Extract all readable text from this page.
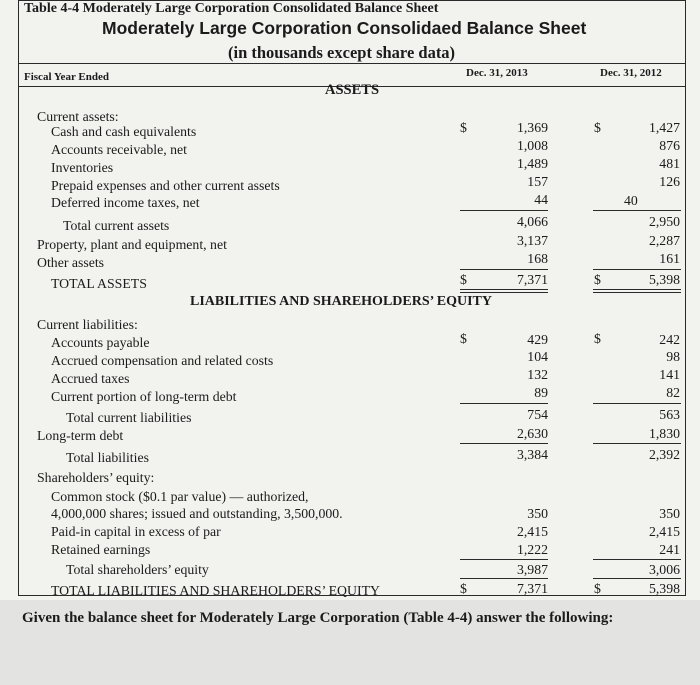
Table 4-4 Moderately Large Corporation Consolidated Balance Sheet
Moderately Large Corporation Consolidaed Balance Sheet
(in thousands except share data)
Fiscal Year Ended	Dec. 31, 2013	Dec. 31, 2012
ASSETS
Current assets:
Cash and cash equivalents	$	1,369	$	1,427
Accounts receivable, net	1,008	876
Inventories	1,489	481
Prepaid expenses and other current assets	157	126
Deferred income taxes, net	44	40
Total current assets	4,066	2,950
Property, plant and equipment, net	3,137	2,287
Other assets	168	161
TOTAL ASSETS	$	7,371	$	5,398
LIABILITIES AND SHAREHOLDERS’ EQUITY
Current liabilities:
Accounts payable	$	429	$	242
Accrued compensation and related costs	104	98
Accrued taxes	132	141
Current portion of long-term debt	89	82
Total current liabilities	754	563
Long-term debt	2,630	1,830
Total liabilities	3,384	2,392
Shareholders’ equity:
Common stock ($0.1 par value) — authorized,
4,000,000 shares; issued and outstanding, 3,500,000.	350	350
Paid-in capital in excess of par	2,415	2,415
Retained earnings	1,222	241
Total shareholders’ equity	3,987	3,006
TOTAL LIABILITIES AND SHAREHOLDERS’ EQUITY	$	7,371	$	5,398
Given the balance sheet for Moderately Large Corporation (Table 4-4) answer the following:
